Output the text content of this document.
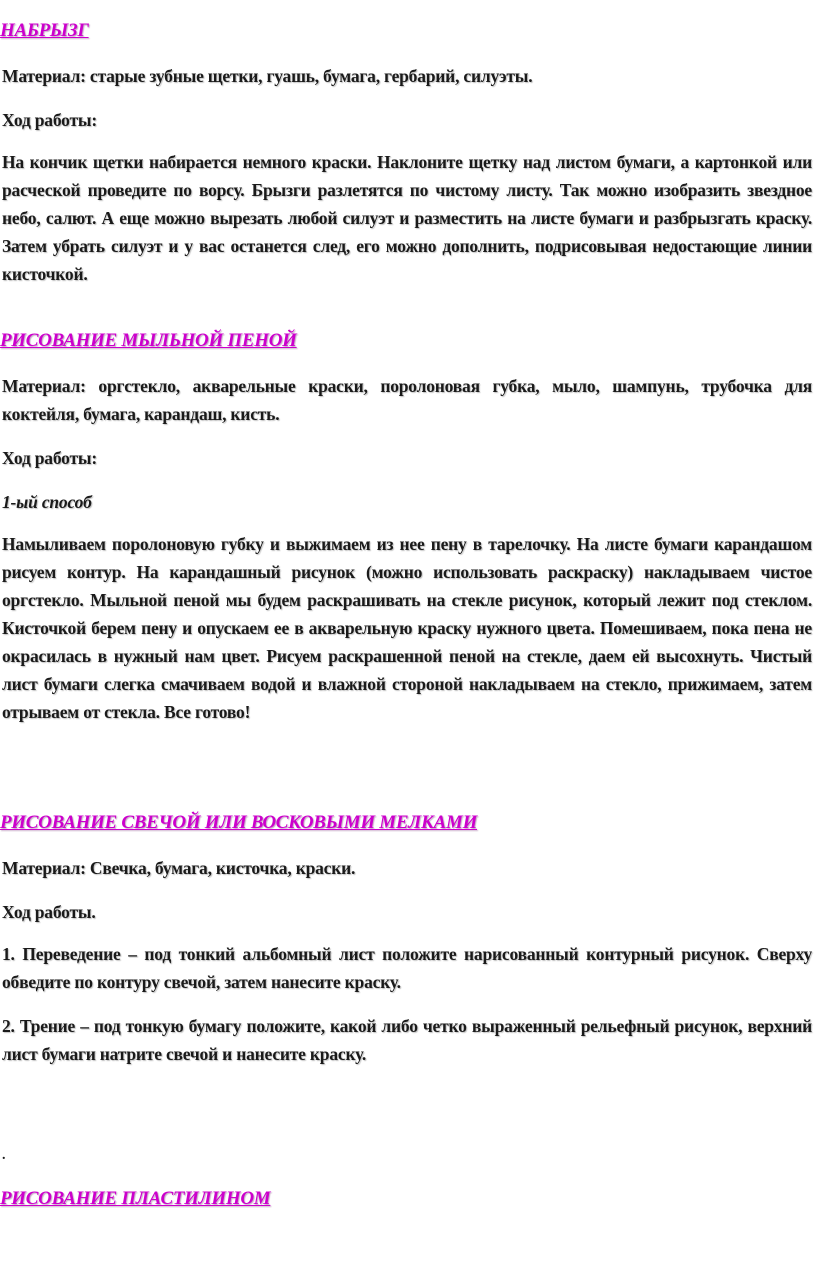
НАБРЫЗГ

Материал: старые зубные щетки, гуашь, бумага, гербарий, силуэты.

Ход работы:

На кончик щетки набирается немного краски. Наклоните щетку над листом бумаги, а картонкой или расческой проведите по ворсу. Брызги разлетятся по чистому листу. Так можно изобразить звездное небо, салют. А еще можно вырезать любой силуэт и разместить на листе бумаги и разбрызгать краску. Затем убрать силуэт и у вас останется след, его можно дополнить, подрисовывая недостающие линии кисточкой.

РИСОВАНИЕ МЫЛЬНОЙ ПЕНОЙ

Материал: оргстекло, акварельные краски, поролоновая губка, мыло, шампунь, трубочка для коктейля, бумага, карандаш, кисть.

Ход работы:

1-ый способ

Намыливаем поролоновую губку и выжимаем из нее пену в тарелочку. На листе бумаги карандашом рисуем контур. На карандашный рисунок (можно использовать раскраску) накладываем чистое оргстекло. Мыльной пеной мы будем раскрашивать на стекле рисунок, который лежит под стеклом. Кисточкой берем пену и опускаем ее в акварельную краску нужного цвета. Помешиваем, пока пена не окрасилась в нужный нам цвет. Рисуем раскрашенной пеной на стекле, даем ей высохнуть. Чистый лист бумаги слегка смачиваем водой и влажной стороной накладываем на стекло, прижимаем, затем отрываем от стекла. Все готово!

РИСОВАНИЕ СВЕЧОЙ ИЛИ ВОСКОВЫМИ МЕЛКАМИ

Материал: Свечка, бумага, кисточка, краски.

Ход работы.

1. Переведение – под тонкий альбомный лист положите нарисованный контурный рисунок. Сверху обведите по контуру свечой, затем нанесите краску.

2. Трение – под тонкую бумагу положите, какой либо четко выраженный рельефный рисунок, верхний лист бумаги натрите свечой и нанесите краску.

.

РИСОВАНИЕ ПЛАСТИЛИНОМ
